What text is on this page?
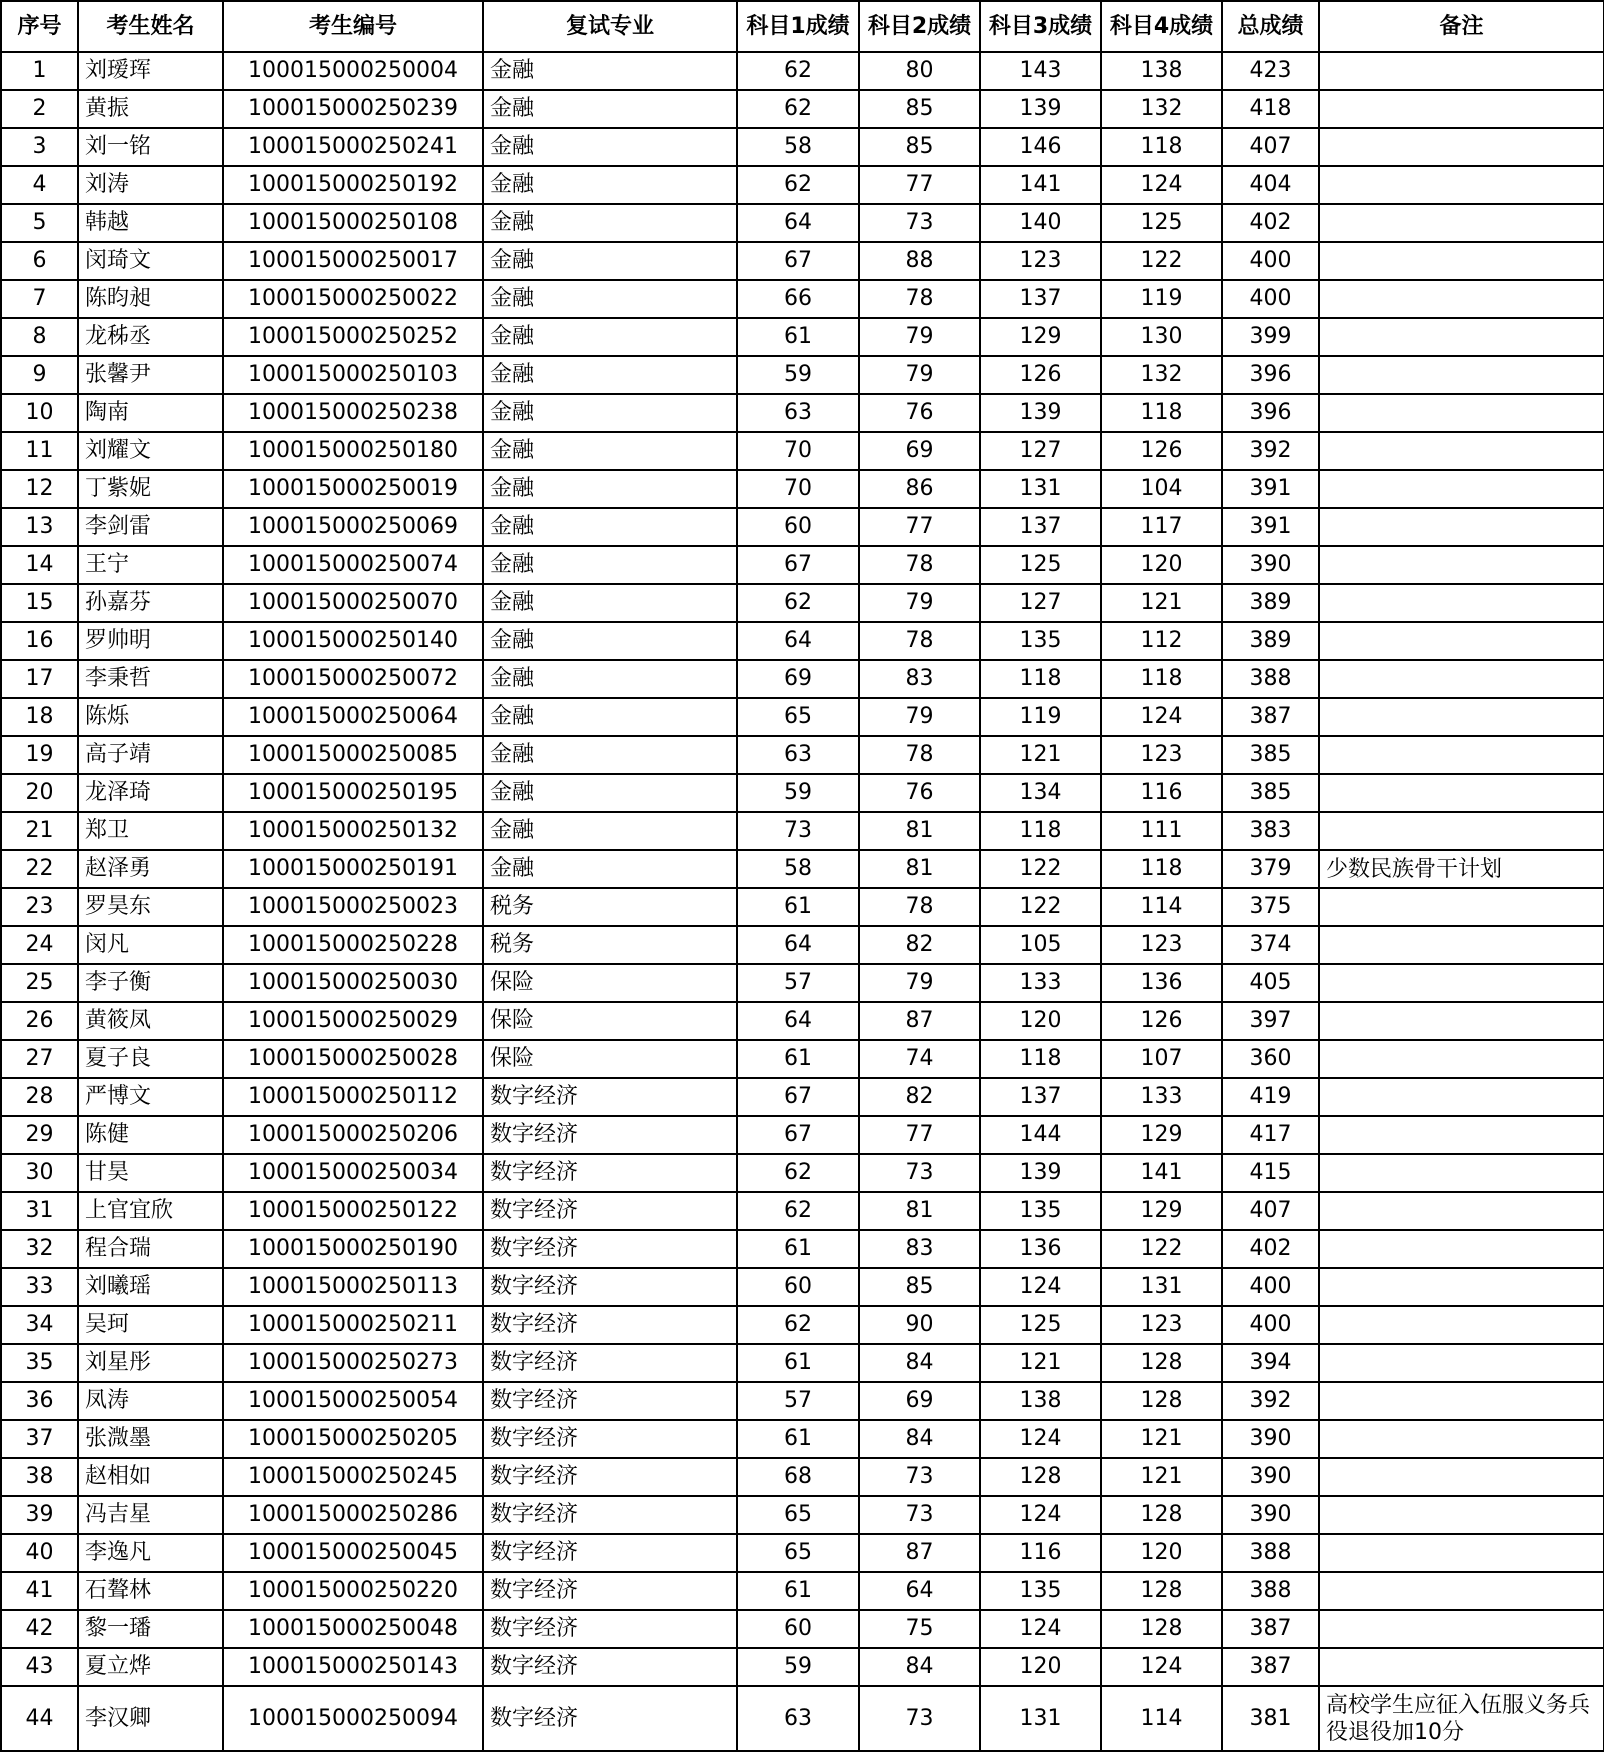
序号	考生姓名	考生编号	复试专业	科目1成绩	科目2成绩	科目3成绩	科目4成绩	总成绩	备注
1	刘瑷珲	100015000250004	金融	62	80	143	138	423	
2	黄振	100015000250239	金融	62	85	139	132	418	
3	刘一铭	100015000250241	金融	58	85	146	118	407	
4	刘涛	100015000250192	金融	62	77	141	124	404	
5	韩越	100015000250108	金融	64	73	140	125	402	
6	闵琦文	100015000250017	金融	67	88	123	122	400	
7	陈昀昶	100015000250022	金融	66	78	137	119	400	
8	龙秭丞	100015000250252	金融	61	79	129	130	399	
9	张馨尹	100015000250103	金融	59	79	126	132	396	
10	陶南	100015000250238	金融	63	76	139	118	396	
11	刘耀文	100015000250180	金融	70	69	127	126	392	
12	丁紫妮	100015000250019	金融	70	86	131	104	391	
13	李剑雷	100015000250069	金融	60	77	137	117	391	
14	王宁	100015000250074	金融	67	78	125	120	390	
15	孙嘉芬	100015000250070	金融	62	79	127	121	389	
16	罗帅明	100015000250140	金融	64	78	135	112	389	
17	李秉哲	100015000250072	金融	69	83	118	118	388	
18	陈烁	100015000250064	金融	65	79	119	124	387	
19	高子靖	100015000250085	金融	63	78	121	123	385	
20	龙泽琦	100015000250195	金融	59	76	134	116	385	
21	郑卫	100015000250132	金融	73	81	118	111	383	
22	赵泽勇	100015000250191	金融	58	81	122	118	379	少数民族骨干计划
23	罗昊东	100015000250023	税务	61	78	122	114	375	
24	闵凡	100015000250228	税务	64	82	105	123	374	
25	李子衡	100015000250030	保险	57	79	133	136	405	
26	黄筱凤	100015000250029	保险	64	87	120	126	397	
27	夏子良	100015000250028	保险	61	74	118	107	360	
28	严博文	100015000250112	数字经济	67	82	137	133	419	
29	陈健	100015000250206	数字经济	67	77	144	129	417	
30	甘昊	100015000250034	数字经济	62	73	139	141	415	
31	上官宜欣	100015000250122	数字经济	62	81	135	129	407	
32	程合瑞	100015000250190	数字经济	61	83	136	122	402	
33	刘曦瑶	100015000250113	数字经济	60	85	124	131	400	
34	吴珂	100015000250211	数字经济	62	90	125	123	400	
35	刘星彤	100015000250273	数字经济	61	84	121	128	394	
36	凤涛	100015000250054	数字经济	57	69	138	128	392	
37	张溦墨	100015000250205	数字经济	61	84	124	121	390	
38	赵相如	100015000250245	数字经济	68	73	128	121	390	
39	冯吉星	100015000250286	数字经济	65	73	124	128	390	
40	李逸凡	100015000250045	数字经济	65	87	116	120	388	
41	石聱林	100015000250220	数字经济	61	64	135	128	388	
42	黎一璠	100015000250048	数字经济	60	75	124	128	387	
43	夏立烨	100015000250143	数字经济	59	84	120	124	387	
44	李汉卿	100015000250094	数字经济	63	73	131	114	381	高校学生应征入伍服义务兵役退役加10分
